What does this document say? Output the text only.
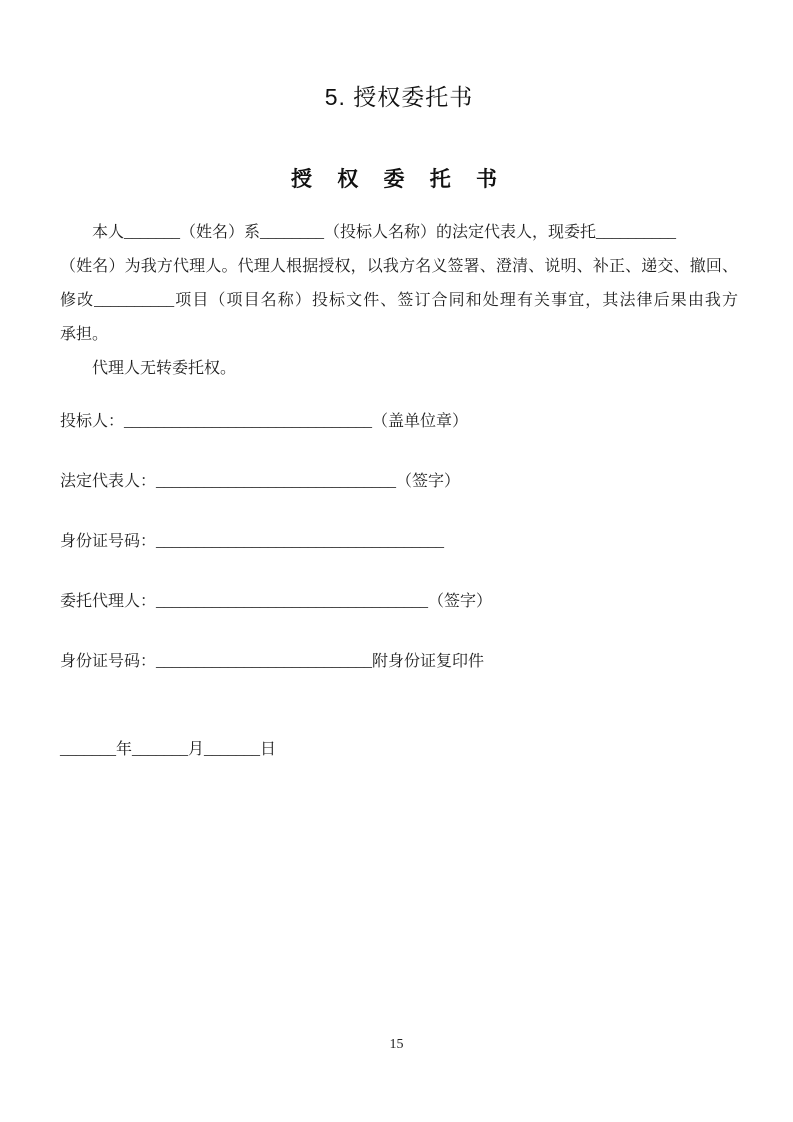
5. 授权委托书
授 权 委 托 书
本人_______（姓名）系________（投标人名称）的法定代表人，现委托__________
（姓名）为我方代理人。代理人根据授权，以我方名义签署、澄清、说明、补正、递交、撤回、
修改__________项目（项目名称）投标文件、签订合同和处理有关事宜，其法律后果由我方
承担。
代理人无转委托权。
投标人：_______________________________（盖单位章）
法定代表人：______________________________（签字）
身份证号码：____________________________________
委托代理人：__________________________________（签字）
身份证号码：___________________________附身份证复印件
_______年_______月_______日
15
